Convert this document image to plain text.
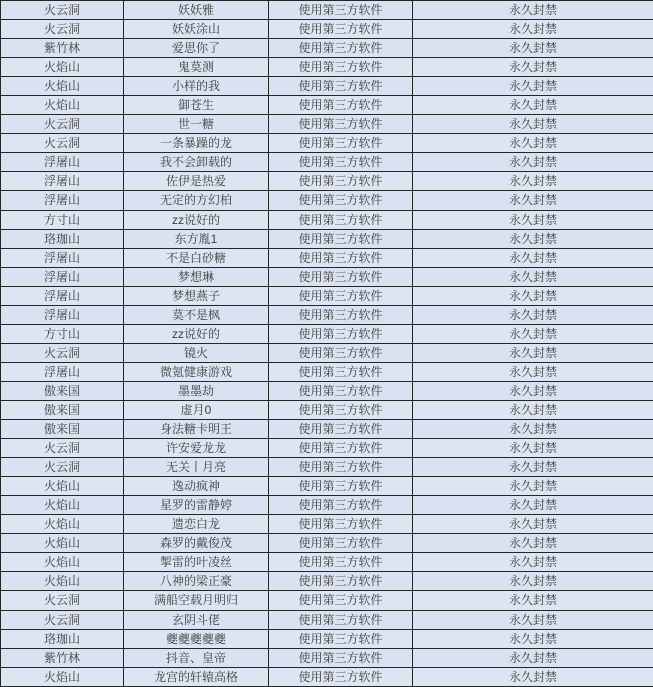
火云洞	妖妖雅	使用第三方软件	永久封禁
火云洞	妖妖涂山	使用第三方软件	永久封禁
紫竹林	爱思你了	使用第三方软件	永久封禁
火焰山	鬼莫测	使用第三方软件	永久封禁
火焰山	小样的我	使用第三方软件	永久封禁
火焰山	御苍生	使用第三方软件	永久封禁
火云洞	世一糖	使用第三方软件	永久封禁
火云洞	一条暴躁的龙	使用第三方软件	永久封禁
浮屠山	我不会卸载的	使用第三方软件	永久封禁
浮屠山	佐伊是热爱	使用第三方软件	永久封禁
浮屠山	无定的方幻柏	使用第三方软件	永久封禁
方寸山	zz说好的	使用第三方软件	永久封禁
珞珈山	东方胤1	使用第三方软件	永久封禁
浮屠山	不是白砂糖	使用第三方软件	永久封禁
浮屠山	梦想琳	使用第三方软件	永久封禁
浮屠山	梦想燕子	使用第三方软件	永久封禁
浮屠山	莫不是枫	使用第三方软件	永久封禁
方寸山	zz说好的	使用第三方软件	永久封禁
火云洞	镜火	使用第三方软件	永久封禁
浮屠山	微氪健康游戏	使用第三方软件	永久封禁
傲来国	墨墨劫	使用第三方软件	永久封禁
傲来国	虚月0	使用第三方软件	永久封禁
傲来国	身法糖卡明王	使用第三方软件	永久封禁
火云洞	许安爱龙龙	使用第三方软件	永久封禁
火云洞	无关丨月亮	使用第三方软件	永久封禁
火焰山	逸动疯神	使用第三方软件	永久封禁
火焰山	星罗的雷静婷	使用第三方软件	永久封禁
火焰山	遗恋白龙	使用第三方软件	永久封禁
火焰山	森罗的戴俊茂	使用第三方软件	永久封禁
火焰山	掣雷的叶凌丝	使用第三方软件	永久封禁
火焰山	八神的梁正豪	使用第三方软件	永久封禁
火云洞	满船空载月明归	使用第三方软件	永久封禁
火云洞	玄阴斗佬	使用第三方软件	永久封禁
珞珈山	夔夔夔夔夔	使用第三方软件	永久封禁
紫竹林	抖音、皇帝	使用第三方软件	永久封禁
火焰山	龙宫的轩辕高格	使用第三方软件	永久封禁
